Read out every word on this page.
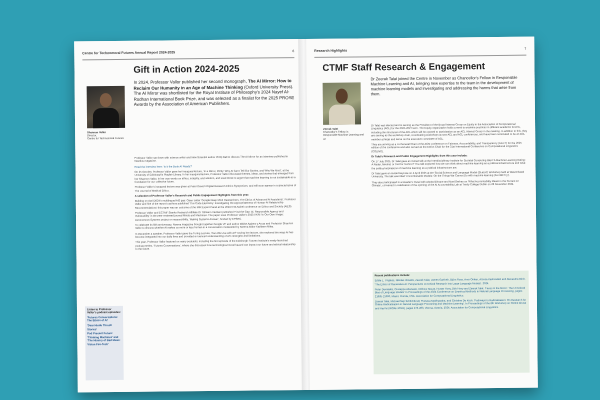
Centre for Technomoral Futures Annual Report 2024-2025	6
Gift in Action 2024-2025
Shannon Vallor
Director,
Centre for Technomoral Futures
In 2024, Professor Vallor published her second monograph, The AI Mirror: How to Reclaim Our Humanity in an Age of Machine Thinking (Oxford University Press). The AI Mirror was shortlisted for the Royal Institute of Philosophy's 2024 Nayef Al-Rodhan International Book Prize, and was selected as a finalist for the 2025 PROSE Awards by the Association of American Publishers.

Professor Vallor sat down with science writer and New Scientist author Philip Ball to discuss The AI Mirror for an interview published in Nautilus magazine.

Read the interview here: 'Is It the Book AI Reads?'

On 25 October, Professor Vallor gave her inaugural lecture, 'In a Mirror, Dimly: Why AI Can't Tell Our Stories, and Why We Must', at the University of Edinburgh's Playfair Library. In her inaugural lecture, Professor Vallor discussed themes, ideas, and stories that emerged from her Shannon Vallor, in her own words on ethics, integrity, and wisdom, and used these to argue that machine learning is not sustainable as a foundation for our collective future.

Professor Vallor's inaugural lecture was given at Peter Davis's Digital Research Ethics Symposium, and will soon appear in a special issue of The Journal of Medical Ethics.

A selection of Professor Vallor's Research and Public Engagement Highlights from this year:

Building on April 2024's multilingual AIS gap: Open Letter 'Google Deep Mind Researchers, The Ethics of Advanced AI Assistants'. Professor Vallor and five of the report's authors published 'The Code Electricity: Investigating the Appropriateness of Human-AI Relationship Recommendations' this paper was an outcome of the MIR Expert Panel at the 2024 NTA Nobel conference on Ethics and Society (AIES).

Professor Vallor and ECTMF Stanko Research Affiliate Dr Tillmann Vierkant published 'Find the Gap: AI, Responsible Agency and Vulnerability' in the peer-reviewed journal Minds and Machines. The paper uses Professor Vallor's 2023 UKRI 'In Our Own Image: Autonomous Systems project on responsibility, 'Making Systems Answer', funded by EPSRC.

To celebrate its fifth anniversary, Noema magazine brought together Google VP and author Blaise Agüera y Arcas and Professor Shannon Vallor to discuss whether AI makes us more or less human in a conversation moderated by Noema editor Kathleen Miles.

In December a speaker, Professor Vallor gave the Turing Lecture, 'Can We Live with AI?' During her lecture, she explored the ways AI has become integrated into our daily lives and provided a nuanced understanding of AI's strengths and limitations.

This year, Professor Vallor featured on many podcasts, including the first episode of the Edinburgh Futures Institute's newly-launched podcast series, 'Futures Conversations', where she discusses how technological moral hazard can impact our future and ethical relationship to the future.

Listen to Professor Vallor's podcast episodes:
'Futures Conversations: The Ethics of AI'
'Dear Hindu Thrush Stories'
Pod Present Future: 'Thinking Machines' and 'The History of Bad Ideas: Vision Fire-Tech'
Research Highlights	7
CTMF Staff Research & Engagement
Zeerak Talat
Chancellor's Fellow in
Responsible Machine Learning and
AI
Dr Zeerak Talat joined the Centre in November as Chancellor's Fellow in Responsible Machine Learning and AI, bringing new expertise to the team in the development of machine learning models and investigating and addressing the harms that arise from them.

Dr Talat was elected and is serving as the President of the Broad Interest Group on Equity in the Association of Computational Linguistics (ACL) for the 2025-2027 term. The Equity organization holds a remit to examine practices in different academic forums, including the structures of the ACL which will be opened to participation as an ACL Interest Group in the meeting. In addition to this, they are serving as the workshop chair, coordinating workshops across ACL and ACL conferences, and have been nominated to be an ACL member at large and serve on the executive committee of ACL.

They are serving as a co-General Chair of the ACM conference on Fairness, Accountability, and Transparency (FAccT) for the 2025 edition of the conference and also served as the Ethics Chair for the 31st International Conference on Computational Linguistics (COLING).

Dr Talat's Research and Public Engagement Highlights from this year include:

On 17 July 2025, Dr Talat gave an invited talk at the Interdisciplinary Institute for Societal Computing titled 'A Machine Learning Dating: A Radar, Neutral, or Tool for Techno?' The talk explored how we can think about machine learning as a political infrastructure and what the political aspirations of machine learning as a political infrastructure are.

Dr Talat gave an invited keynote on 4 April 2025 at the 'Social Science and Language Model (SLaLM)' Workshop held at Wetzerbasel University. The talk was titled 'Uncomfortable Models: On the Things We Cannot Do with machine learning (but Will Try)'.

They also participated in a Reader's Panel with Abeba Birhane and Noel Derbes on 'What Accountability Meant in the Current AI Climate', convened in celebration of the opening of the AI Accountability Lab at Trinity College Dublin on 28 November 2024.

Recent publications include:

Eddie L. Ungless, Nikolas Vitsakis, Zeerak Talat, James Garforth, Björn Ross, Arno Onken, Atoosa Kasirzadeh and Alexandra Birch. 'The Ethics of Generative AI: Perspectives on Ethical Research into Large Language Models'. 2024.

Peter Devatakis, Giuseppe Attanasio, Debora Nozza, Hunter Hovy, Dirk Hovy and Zeerak Talat. 'Faces in the Mirror: The Unnoticed Bias of Language Models' In Proceedings of the 2024 Conference on Empirical Methods in Natural Language Processing, pages 21685-21990, Miami, Florida, USA. Association for Computational Linguistics.

Zeerak Talat, Michael Sejr Schlichtkrull, Pranava Madhyastha, and Christine De Kock. 'Pathways to Radicalisation: On Research for Online Radicalisation in Natural Language Processing and Machine Learning'. In Proceedings of the 8th Workshop on Online Abuse and Harms (WOAH 2024), pages 276-283, Vienna, Austria, 2024. Association for Computational Linguistics.
